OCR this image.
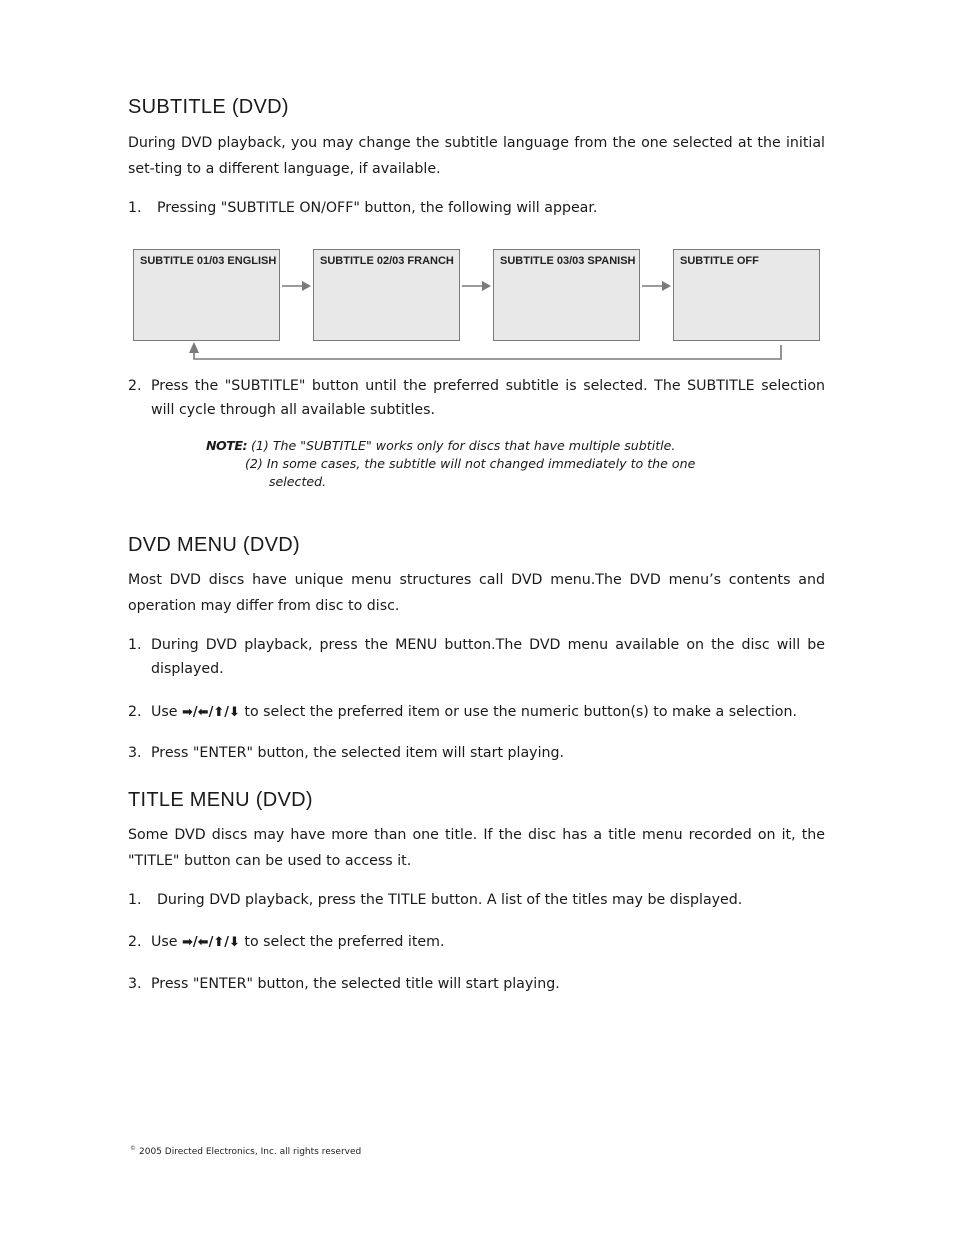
SUBTITLE (DVD)

During DVD playback, you may change the subtitle language from the one selected at the initial set-ting to a different language, if available.

1. Pressing "SUBTITLE ON/OFF" button, the following will appear.
SUBTITLE 01/03 ENGLISH	SUBTITLE 02/03 FRANCH	SUBTITLE 03/03 SPANISH	SUBTITLE OFF
2. Press the "SUBTITLE" button until the preferred subtitle is selected. The SUBTITLE selection will cycle through all available subtitles.
NOTE: (1) The "SUBTITLE" works only for discs that have multiple subtitle.
(2) In some cases, the subtitle will not changed immediately to the one
selected.
DVD MENU (DVD)

Most DVD discs have unique menu structures call DVD menu.The DVD menu’s contents and operation may differ from disc to disc.

1. During DVD playback, press the MENU button.The DVD menu available on the disc will be displayed.
2. Use ➡/⬅/⬆/⬇ to select the preferred item or use the numeric button(s) to make a selection.
3. Press "ENTER" button, the selected item will start playing.
TITLE MENU (DVD)

Some DVD discs may have more than one title. If the disc has a title menu recorded on it, the "TITLE" button can be used to access it.

1. During DVD playback, press the TITLE button. A list of the titles may be displayed.
2. Use ➡/⬅/⬆/⬇ to select the preferred item.
3. Press "ENTER" button, the selected title will start playing.
© 2005 Directed Electronics, Inc. all rights reserved
